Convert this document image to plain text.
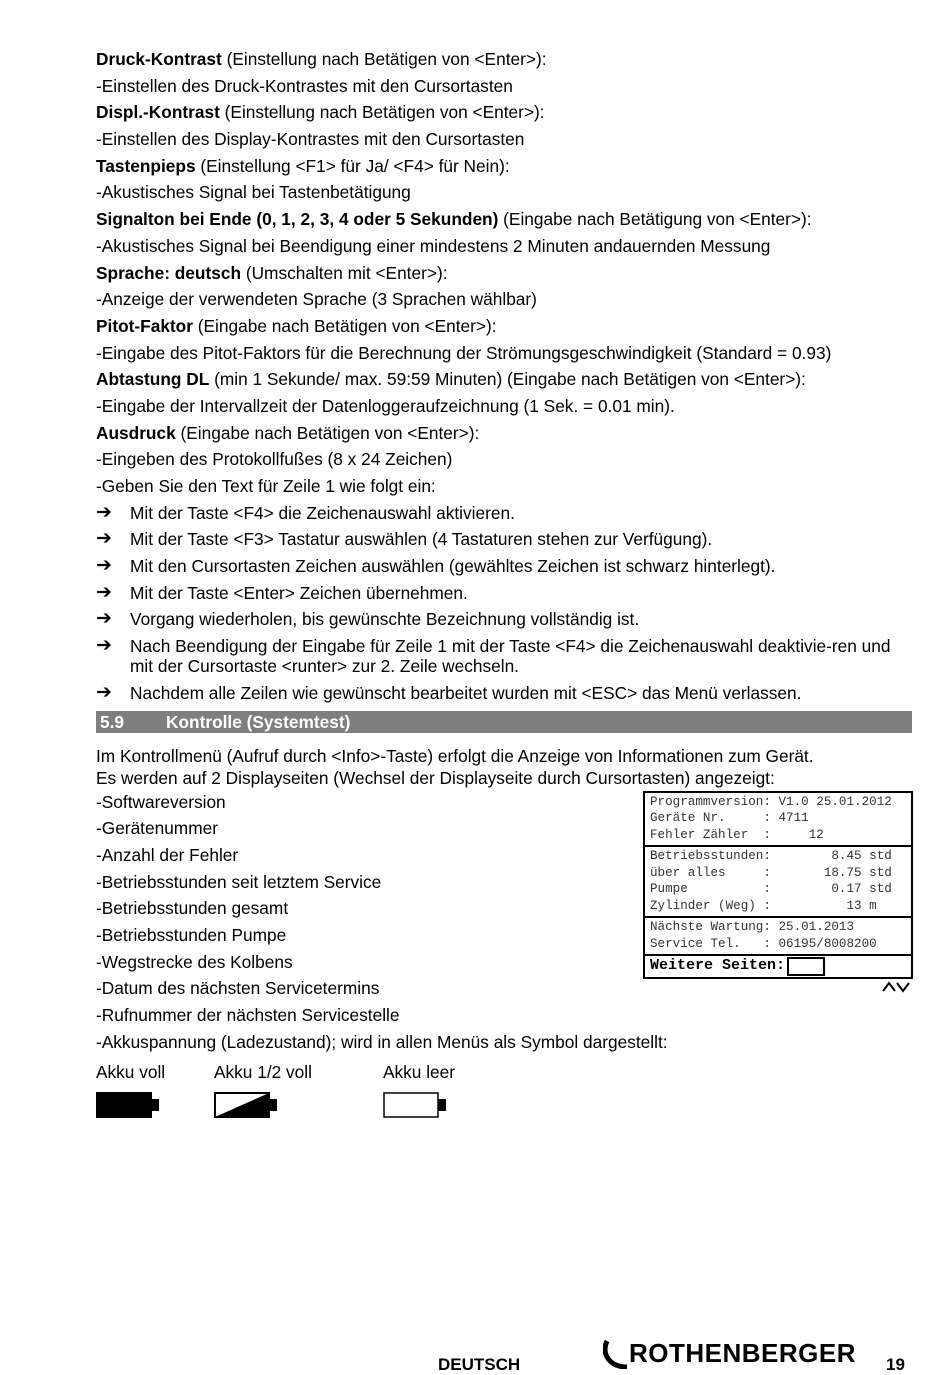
Druck-Kontrast (Einstellung nach Betätigen von <Enter>):
-Einstellen des Druck-Kontrastes mit den Cursortasten
Displ.-Kontrast (Einstellung nach Betätigen von <Enter>):
-Einstellen des Display-Kontrastes mit den Cursortasten
Tastenpieps (Einstellung <F1> für Ja/ <F4> für Nein):
-Akustisches Signal bei Tastenbetätigung
Signalton bei Ende (0, 1, 2, 3, 4 oder 5 Sekunden) (Eingabe nach Betätigung von <Enter>):
-Akustisches Signal bei Beendigung einer mindestens 2 Minuten andauernden Messung
Sprache: deutsch (Umschalten mit <Enter>):
-Anzeige der verwendeten Sprache (3 Sprachen wählbar)
Pitot-Faktor (Eingabe nach Betätigen von <Enter>):
-Eingabe des Pitot-Faktors für die Berechnung der Strömungsgeschwindigkeit (Standard = 0.93)
Abtastung DL (min 1 Sekunde/ max. 59:59 Minuten) (Eingabe nach Betätigen von <Enter>):
-Eingabe der Intervallzeit der Datenloggeraufzeichnung (1 Sek. = 0.01 min).
Ausdruck (Eingabe nach Betätigen von <Enter>):
-Eingeben des Protokollfußes (8 x 24 Zeichen)
-Geben Sie den Text für Zeile 1 wie folgt ein:
➔	Mit der Taste <F4> die Zeichenauswahl aktivieren.
➔	Mit der Taste <F3> Tastatur auswählen (4 Tastaturen stehen zur Verfügung).
➔	Mit den Cursortasten Zeichen auswählen (gewähltes Zeichen ist schwarz hinterlegt).
➔	Mit der Taste <Enter> Zeichen übernehmen.
➔	Vorgang wiederholen, bis gewünschte Bezeichnung vollständig ist.
➔	Nach Beendigung der Eingabe für Zeile 1 mit der Taste <F4> die Zeichenauswahl deaktivie-ren und mit der Cursortaste <runter> zur 2. Zeile wechseln.
➔	Nachdem alle Zeilen wie gewünscht bearbeitet wurden mit <ESC> das Menü verlassen.
5.9	Kontrolle (Systemtest)
Im Kontrollmenü (Aufruf durch <Info>-Taste) erfolgt die Anzeige von Informationen zum Gerät.
Es werden auf 2 Displayseiten (Wechsel der Displayseite durch Cursortasten) angezeigt:
-Softwareversion
-Gerätenummer
-Anzahl der Fehler
-Betriebsstunden seit letztem Service
-Betriebsstunden gesamt
-Betriebsstunden Pumpe
-Wegstrecke des Kolbens
-Datum des nächsten Servicetermins
-Rufnummer der nächsten Servicestelle
-Akkuspannung (Ladezustand); wird in allen Menüs als Symbol dargestellt:
Programmversion: V1.0 25.01.2012
Geräte Nr.     : 4711
Fehler Zähler  :     12
Betriebsstunden:        8.45 std
über alles     :       18.75 std
Pumpe          :        0.17 std
Zylinder (Weg) :          13 m
Nächste Wartung: 25.01.2013
Service Tel.   : 06195/8008200
Weitere Seiten:

Akku voll	Akku 1/2 voll	Akku leer
DEUTSCH	ROTHENBERGER 19
